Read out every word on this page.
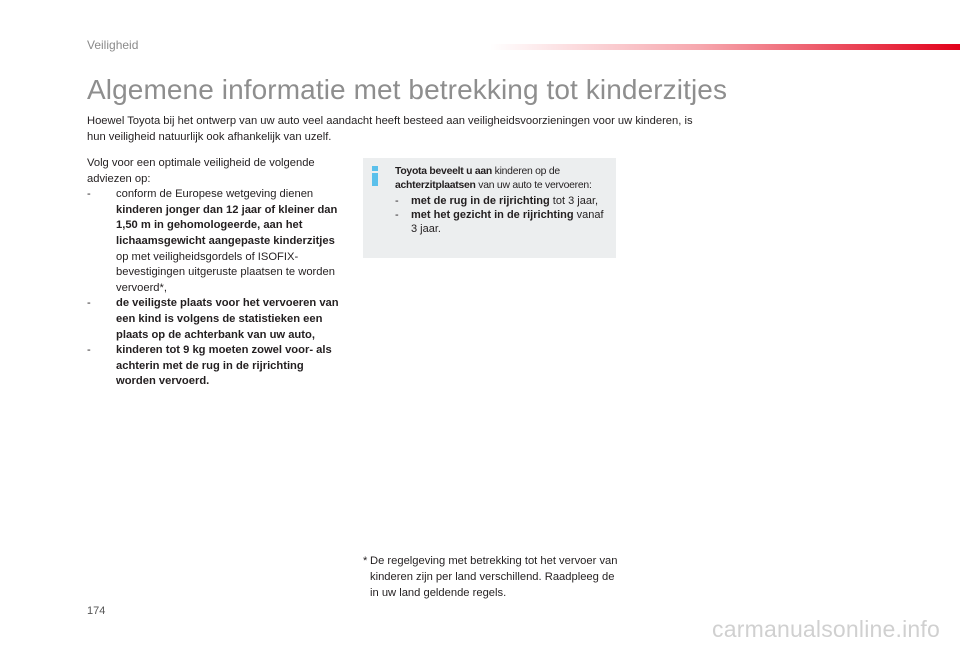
Veiligheid
Algemene informatie met betrekking tot kinderzitjes

Hoewel Toyota bij het ontwerp van uw auto veel aandacht heeft besteed aan veiligheidsvoorzieningen voor uw kinderen, is hun veiligheid natuurlijk ook afhankelijk van uzelf.

Volg voor een optimale veiligheid de volgende adviezen op:

- conform de Europese wetgeving dienen kinderen jonger dan 12 jaar of kleiner dan 1,50 m in gehomologeerde, aan het lichaamsgewicht aangepaste kinderzitjes op met veiligheidsgordels of ISOFIX-bevestigingen uitgeruste plaatsen te worden vervoerd*,
- de veiligste plaats voor het vervoeren van een kind is volgens de statistieken een plaats op de achterbank van uw auto,
- kinderen tot 9 kg moeten zowel voor- als achterin met de rug in de rijrichting worden vervoerd.
Toyota beveelt u aan kinderen op de achterzitplaatsen van uw auto te vervoeren:
- met de rug in de rijrichting tot 3 jaar,
- met het gezicht in de rijrichting vanaf 3 jaar.
* De regelgeving met betrekking tot het vervoer van kinderen zijn per land verschillend. Raadpleeg de in uw land geldende regels.
174
carmanualsonline.info
